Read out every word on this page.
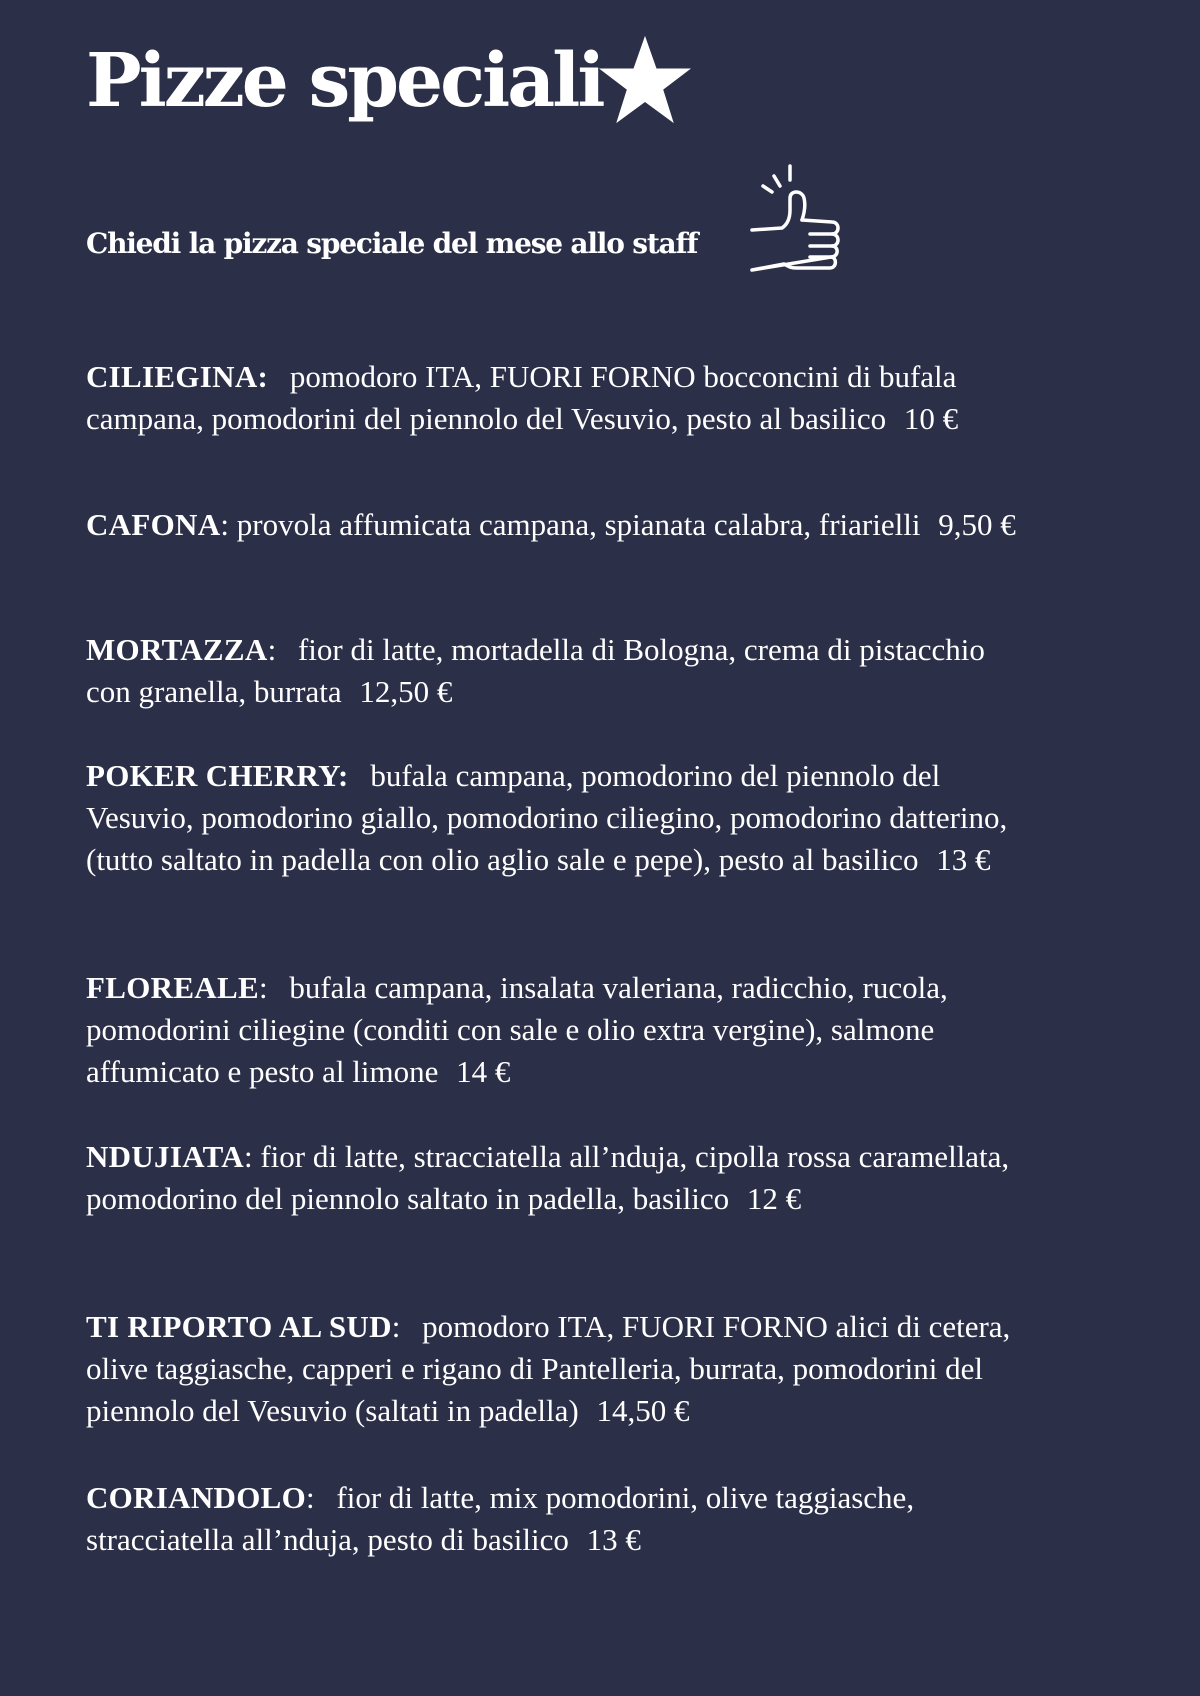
Pizze speciali
Chiedi la pizza speciale del mese allo staff

CILIEGINA: pomodoro ITA, FUORI FORNO bocconcini di bufala campana, pomodorini del piennolo del Vesuvio, pesto al basilico 10 €

CAFONA: provola affumicata campana, spianata calabra, friarielli 9,50 €

MORTAZZA: fior di latte, mortadella di Bologna, crema di pistacchio con granella, burrata 12,50 €

POKER CHERRY: bufala campana, pomodorino del piennolo del Vesuvio, pomodorino giallo, pomodorino ciliegino, pomodorino datterino, (tutto saltato in padella con olio aglio sale e pepe), pesto al basilico 13 €

FLOREALE: bufala campana, insalata valeriana, radicchio, rucola, pomodorini ciliegine (conditi con sale e olio extra vergine), salmone affumicato e pesto al limone 14 €

NDUJIATA: fior di latte, stracciatella all’nduja, cipolla rossa caramellata, pomodorino del piennolo saltato in padella, basilico 12 €

TI RIPORTO AL SUD: pomodoro ITA, FUORI FORNO alici di cetera, olive taggiasche, capperi e rigano di Pantelleria, burrata, pomodorini del piennolo del Vesuvio (saltati in padella) 14,50 €

CORIANDOLO: fior di latte, mix pomodorini, olive taggiasche, stracciatella all’nduja, pesto di basilico 13 €
